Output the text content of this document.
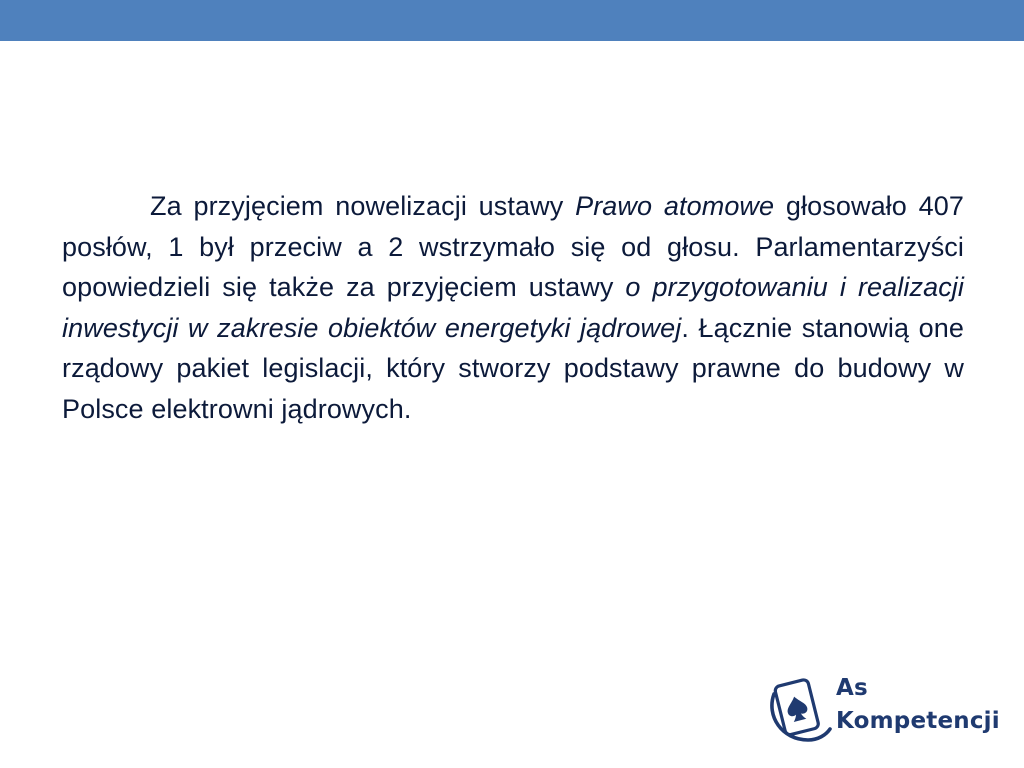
Za przyjęciem nowelizacji ustawy Prawo atomowe głosowało 407 posłów, 1 był przeciw a 2 wstrzymało się od głosu. Parlamentarzyści opowiedzieli się także za przyjęciem ustawy o przygotowaniu i realizacji inwestycji w zakresie obiektów energetyki jądrowej. Łącznie stanowią one rządowy pakiet legislacji, który stworzy podstawy prawne do budowy w Polsce elektrowni jądrowych.

As
Kompetencji
